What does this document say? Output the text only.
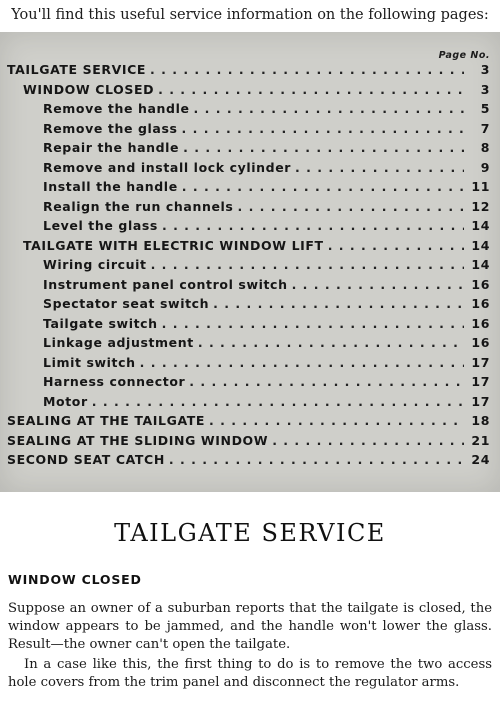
You'll find this useful service information on the following pages:
Page No.
TAILGATE SERVICE . . .	3
WINDOW CLOSED . . .	3
Remove the handle . . .	5
Remove the glass . . .	7
Repair the handle . . .	8
Remove and install lock cylinder . . .	9
Install the handle . . .	11
Realign the run channels . . .	12
Level the glass . . .	14
TAILGATE WITH ELECTRIC WINDOW LIFT . . .	14
Wiring circuit . . .	14
Instrument panel control switch . . .	16
Spectator seat switch . . .	16
Tailgate switch . . .	16
Linkage adjustment . . .	16
Limit switch . . .	17
Harness connector . . .	17
Motor . . .	17
SEALING AT THE TAILGATE . . .	18
SEALING AT THE SLIDING WINDOW . . .	21
SECOND SEAT CATCH . . .	24
TAILGATE SERVICE
WINDOW CLOSED

Suppose an owner of a suburban reports that the tailgate is closed, the window appears to be jammed, and the handle won't lower the glass. Result—the owner can't open the tailgate.

In a case like this, the first thing to do is to remove the two access hole covers from the trim panel and disconnect the regulator arms.
